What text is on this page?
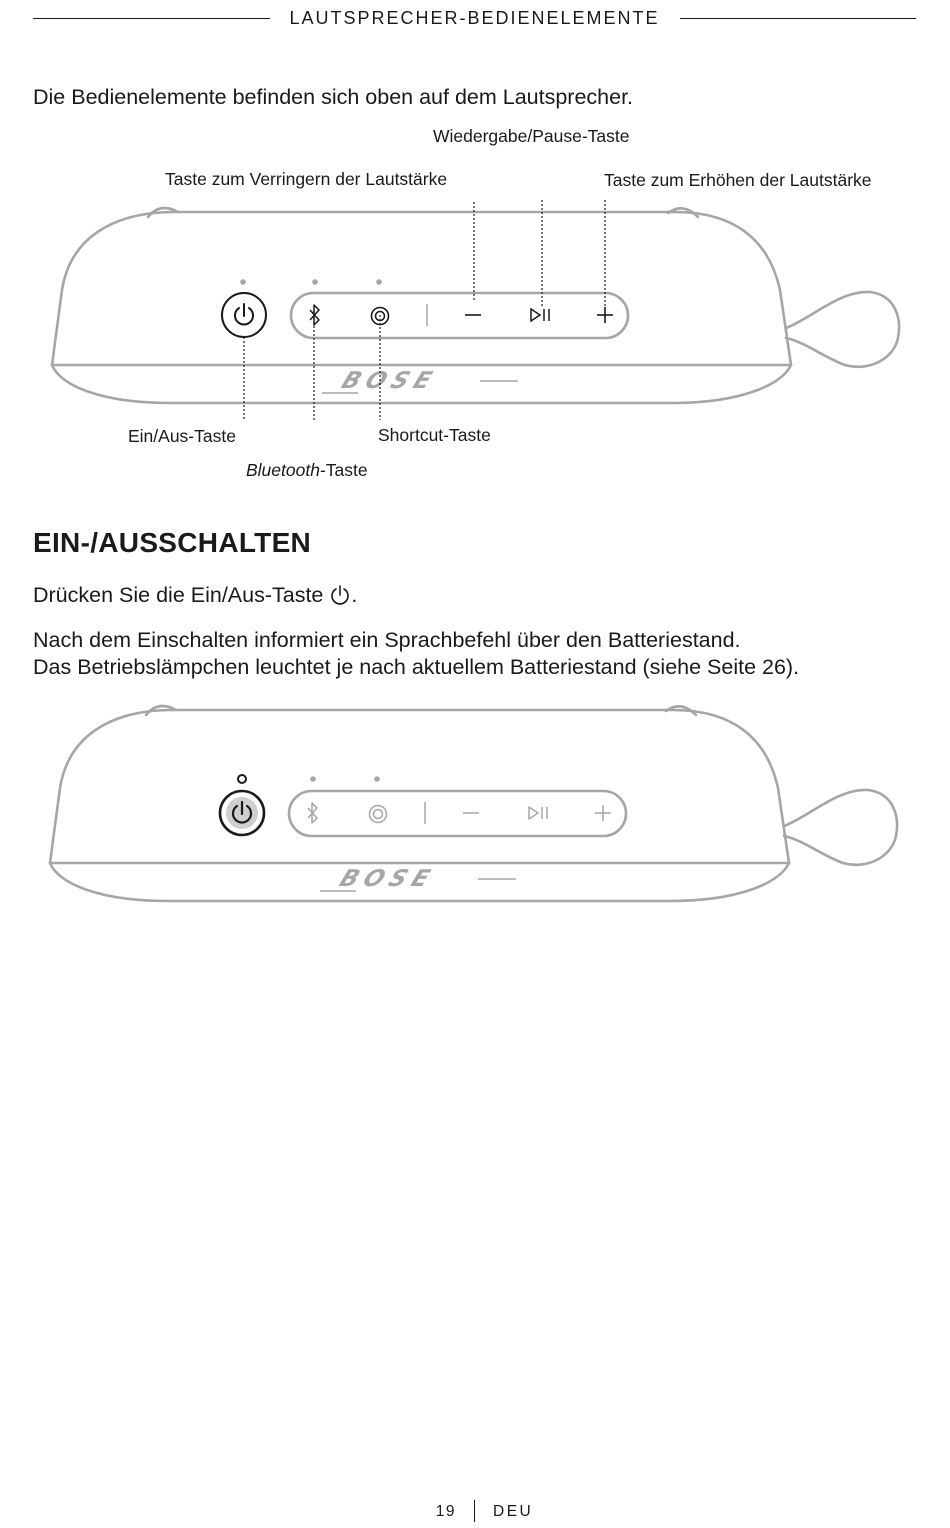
LAUTSPRECHER-BEDIENELEMENTE
Die Bedienelemente befinden sich oben auf dem Lautsprecher.
BOSE
Wiedergabe/Pause-Taste
Taste zum Verringern der Lautstärke	Taste zum Erhöhen der Lautstärke
Ein/Aus-Taste	Shortcut-Taste
Bluetooth-Taste
EIN-/AUSSCHALTEN
Drücken Sie die Ein/Aus-Taste .
Nach dem Einschalten informiert ein Sprachbefehl über den Batteriestand.
Das Betriebslämpchen leuchtet je nach aktuellem Batteriestand (siehe Seite 26).
BOSE
19 DEU
